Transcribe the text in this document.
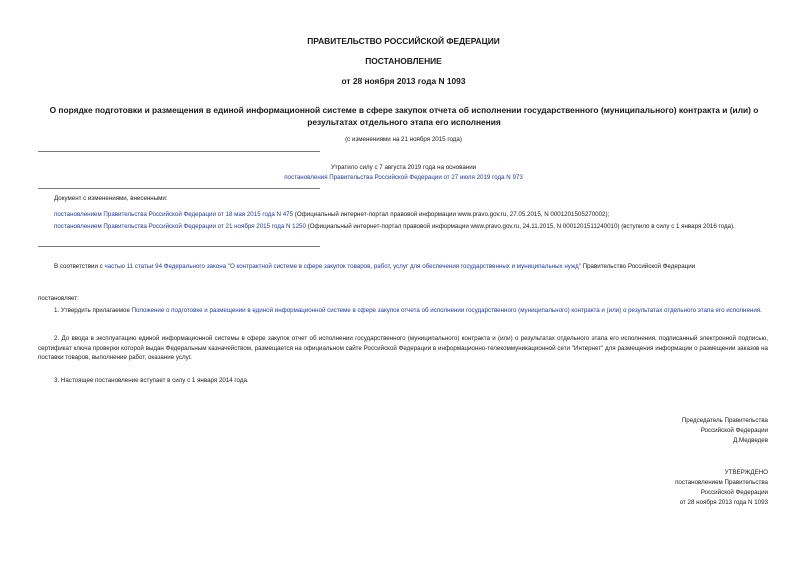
ПРАВИТЕЛЬСТВО РОССИЙСКОЙ ФЕДЕРАЦИИ
ПОСТАНОВЛЕНИЕ
от 28 ноября 2013 года N 1093
О порядке подготовки и размещения в единой информационной системе в сфере закупок отчета об исполнении государственного (муниципального) контракта и (или) о результатах отдельного этапа его исполнения
(с изменениями на 21 ноября 2015 года)
Утратило силу с 7 августа 2019 года на основании
постановления Правительства Российской Федерации от 27 июля 2019 года N 973
Документ с изменениями, внесенными:
постановлением Правительства Российской Федерации от 18 мая 2015 года N 475 (Официальный интернет-портал правовой информации www.pravo.gov.ru, 27.05.2015, N 0001201505270002);
постановлением Правительства Российской Федерации от 21 ноября 2015 года N 1250 (Официальный интернет-портал правовой информации www.pravo.gov.ru, 24.11.2015, N 0001201511240010) (вступило в силу с 1 января 2016 года).
В соответствии с частью 11 статьи 94 Федерального закона "О контрактной системе в сфере закупок товаров, работ, услуг для обеспечения государственных и муниципальных нужд" Правительство Российской Федерации
постановляет:
1. Утвердить прилагаемое Положение о подготовке и размещении в единой информационной системе в сфере закупок отчета об исполнении государственного (муниципального) контракта и (или) о результатах отдельного этапа его исполнения.
2. До ввода в эксплуатацию единой информационной системы в сфере закупок отчет об исполнении государственного (муниципального) контракта и (или) о результатах отдельного этапа его исполнения, подписанный электронной подписью, сертификат ключа проверки которой выдан Федеральным казначейством, размещается на официальном сайте Российской Федерации в информационно-телекоммуникационной сети "Интернет" для размещения информации о размещении заказов на поставки товаров, выполнение работ, оказание услуг.
3. Настоящее постановление вступает в силу с 1 января 2014 года.
Председатель Правительства
Российской Федерации
Д.Медведев
УТВЕРЖДЕНО
постановлением Правительства
Российской Федерации
от 28 ноября 2013 года N 1093
